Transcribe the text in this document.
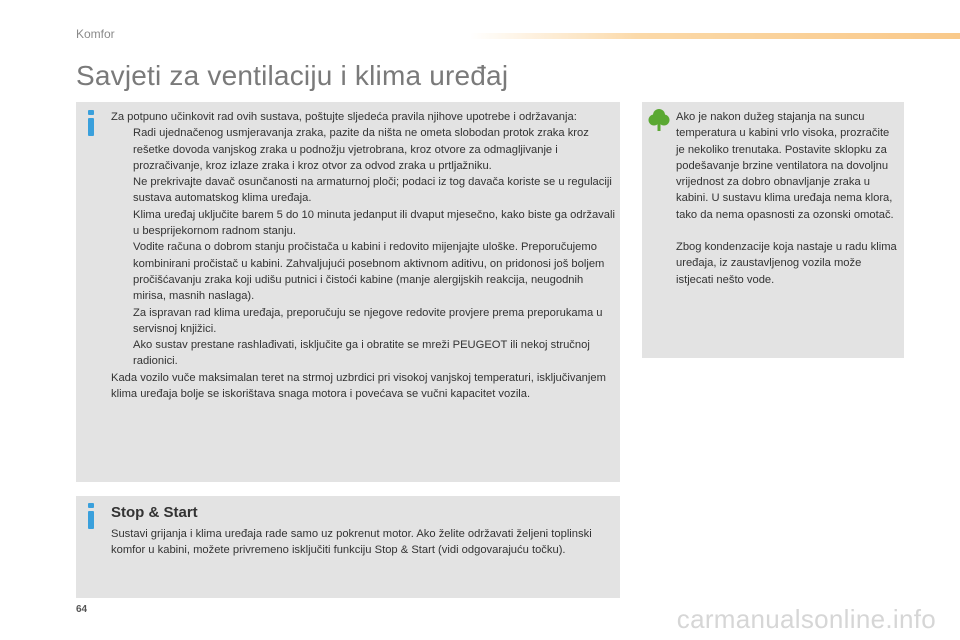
Komfor
Savjeti za ventilaciju i klima uređaj

Za potpuno učinkovit rad ovih sustava, poštujte sljedeća pravila njihove upotrebe i održavanja:

Radi ujednačenog usmjeravanja zraka, pazite da ništa ne ometa slobodan protok zraka kroz rešetke dovoda vanjskog zraka u podnožju vjetrobrana, kroz otvore za odmagljivanje i prozračivanje, kroz izlaze zraka i kroz otvor za odvod zraka u prtljažniku.
Ne prekrivajte davač osunčanosti na armaturnoj ploči; podaci iz tog davača koriste se u regulaciji sustava automatskog klima uređaja.
Klima uređaj uključite barem 5 do 10 minuta jedanput ili dvaput mjesečno, kako biste ga održavali u besprijekornom radnom stanju.
Vodite računa o dobrom stanju pročistača u kabini i redovito mijenjajte uloške. Preporučujemo kombinirani pročistač u kabini. Zahvaljujući posebnom aktivnom aditivu, on pridonosi još boljem pročišćavanju zraka koji udišu putnici i čistoći kabine (manje alergijskih reakcija, neugodnih mirisa, masnih naslaga).
Za ispravan rad klima uređaja, preporučuju se njegove redovite provjere prema preporukama u servisnoj knjižici.
Ako sustav prestane rashlađivati, isključite ga i obratite se mreži PEUGEOT ili nekoj stručnoj radionici.

Kada vozilo vuče maksimalan teret na strmoj uzbrdici pri visokoj vanjskoj temperaturi, isključivanjem klima uređaja bolje se iskorištava snaga motora i povećava se vučni kapacitet vozila.

Ako je nakon dužeg stajanja na suncu temperatura u kabini vrlo visoka, prozračite je nekoliko trenutaka. Postavite sklopku za podešavanje brzine ventilatora na dovoljnu vrijednost za dobro obnavljanje zraka u kabini. U sustavu klima uređaja nema klora, tako da nema opasnosti za ozonski omotač.

Zbog kondenzacije koja nastaje u radu klima uređaja, iz zaustavljenog vozila može istjecati nešto vode.

Stop & Start

Sustavi grijanja i klima uređaja rade samo uz pokrenut motor. Ako želite održavati željeni toplinski komfor u kabini, možete privremeno isključiti funkciju Stop & Start (vidi odgovarajuću točku).

64	carmanualsonline.info
